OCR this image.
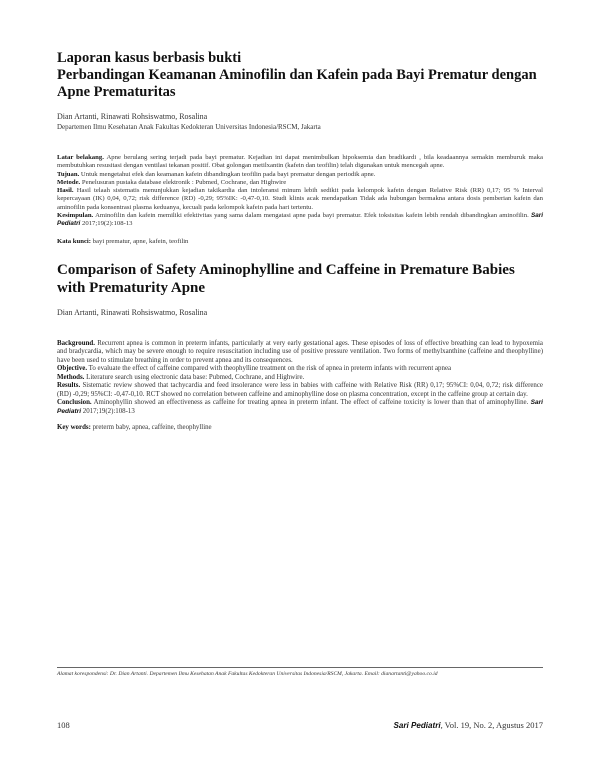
Laporan kasus berbasis bukti
Perbandingan Keamanan Aminofilin dan Kafein pada Bayi Prematur dengan Apne Prematuritas
Dian Artanti, Rinawati Rohsiswatmo, Rosalina
Departemen Ilmu Kesehatan Anak Fakultas Kedokteran Universitas Indonesia/RSCM, Jakarta

Latar belakang. Apne berulang sering terjadi pada bayi prematur. Kejadian ini dapat menimbulkan hipoksemia dan bradikardi , bila keadaannya semakin memburuk maka membutuhkan resusitasi dengan ventilasi tekanan positif. Obat golongan metilxantin (kafein dan teofilin) telah digunakan untuk mencegah apne.

Tujuan. Untuk mengetahui efek dan keamanan kafein dibandingkan teofilin pada bayi prematur dengan periodik apne.

Metode. Penelusuran pustaka database elektronik : Pubmed, Cochrane, dan Highwire

Hasil. Hasil telaah sistematis menunjukkan kejadian takikardia dan intoleransi minum lebih sedikit pada kelompok kafein dengan Relative Risk (RR) 0,17; 95 % Interval kepercayaan (IK) 0,04, 0,72; risk difference (RD) -0,29; 95%IK: -0,47-0,10. Studi klinis acak mendapatkan Tidak ada hubungan bermakna antara dosis pemberian kafein dan aminofilin pada konsentrasi plasma keduanya, kecuali pada kelompok kafein pada hari tertentu.

Kesimpulan. Aminofilin dan kafein memiliki efektivitas yang sama dalam mengatasi apne pada bayi prematur. Efek toksisitas kafein lebih rendah dibandingkan aminofilin. Sari Pediatri 2017;19(2):108-13

Kata kunci: bayi prematur, apne, kafein, teofilin
Comparison of Safety Aminophylline and Caffeine in Premature Babies with Prematurity Apne
Dian Artanti, Rinawati Rohsiswatmo, Rosalina

Background. Recurrent apnea is common in preterm infants, particularly at very early gestational ages. These episodes of loss of effective breathing can lead to hypoxemia and bradycardia, which may be severe enough to require resuscitation including use of positive pressure ventilation. Two forms of methylxanthine (caffeine and theophylline) have been used to stimulate breathing in order to prevent apnea and its consequences.

Objective. To evaluate the effect of caffeine compared with theophylline treatment on the risk of apnea in preterm infants with recurrent apnea

Methods. Literature search using electronic data base: Pubmed, Cochrane, and Highwire.

Results. Sistematic review showed that tachycardia and feed insolerance were less in babies with caffeine with Relative Risk (RR) 0,17; 95%CI: 0,04, 0,72; risk difference (RD) -0,29; 95%CI: -0,47-0,10. RCT showed no correlation between caffeine and aminophylline dose on plasma concentration, except in the caffeine group at certain day.

Conclusion. Aminophyllin showed an effectiveness as caffeine for treating apnea in preterm infant. The effect of caffeine toxicity is lower than that of aminophylline. Sari Pediatri 2017;19(2):108-13

Key words: preterm baby, apnea, caffeine, theophylline
Alamat korespondensi: Dr. Dian Artanti. Departemen Ilmu Kesehatan Anak Fakultas Kedokteran Universitas Indonesia/RSCM, Jakarta. Email: dianartanti@yahoo.co.id
108	Sari Pediatri, Vol. 19, No. 2, Agustus 2017
